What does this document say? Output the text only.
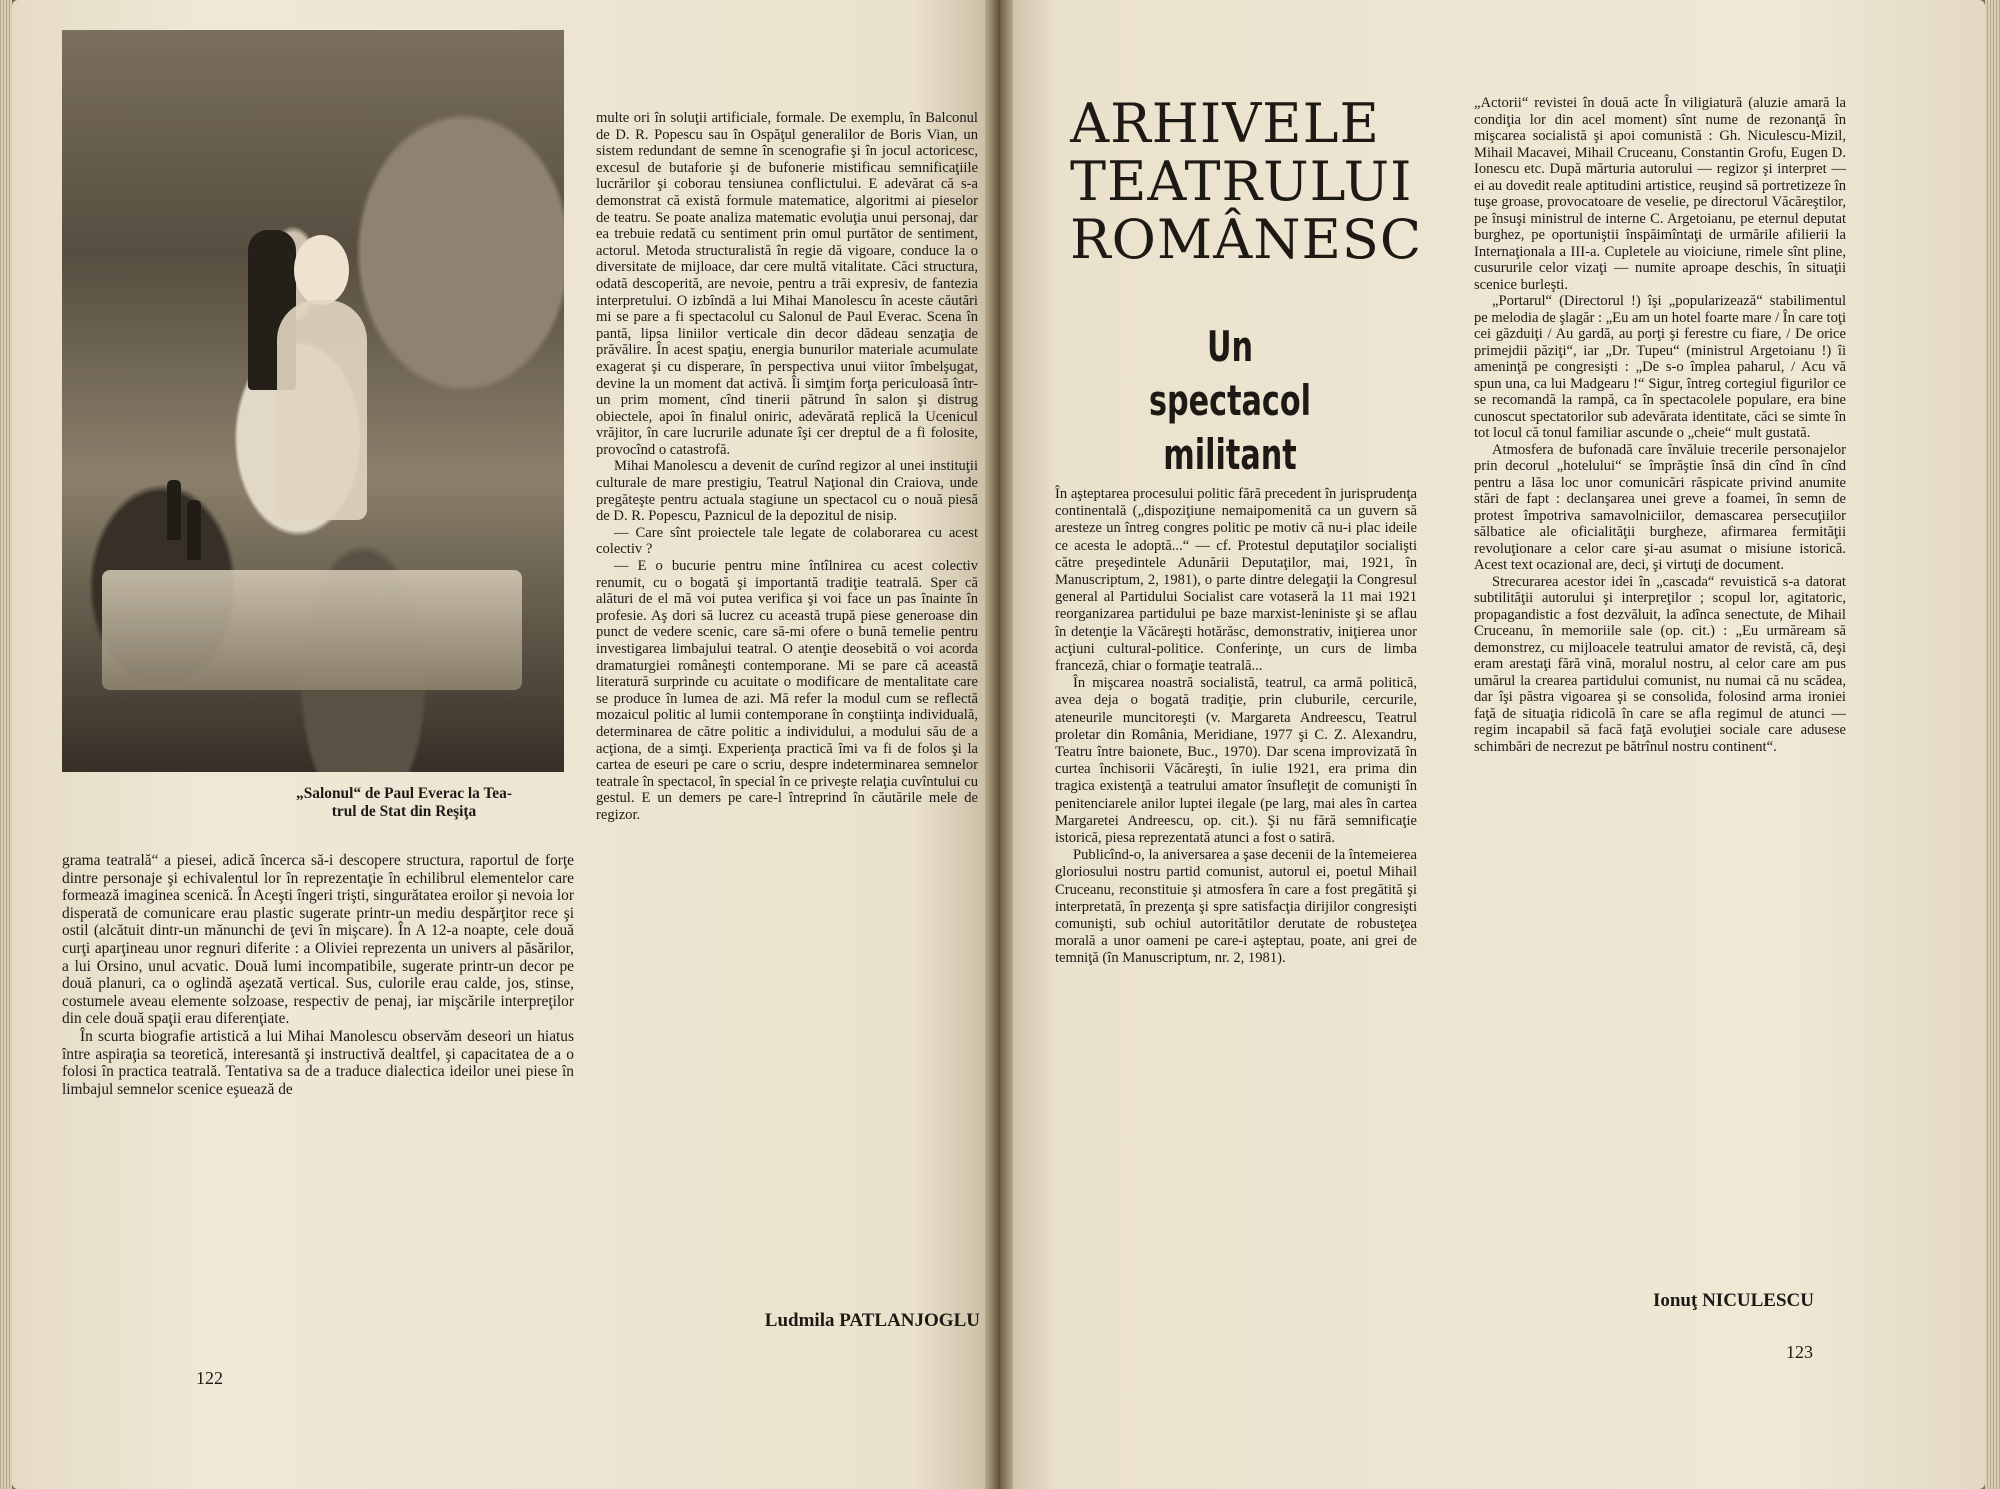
„Salonul“ de Paul Everac la Tea-
trul de Stat din Reşiţa

grama teatrală“ a piesei, adică încerca să-i descopere structura, raportul de forţe dintre personaje şi echivalentul lor în reprezentaţie în echilibrul elementelor care formează imaginea scenică. În Aceşti îngeri trişti, singurătatea eroilor şi nevoia lor disperată de comunicare erau plastic sugerate printr-un mediu despărţitor rece şi ostil (alcătuit dintr-un mănunchi de ţevi în mişcare). În A 12-a noapte, cele două curţi aparţineau unor regnuri diferite : a Oliviei reprezenta un univers al păsărilor, a lui Orsino, unul acvatic. Două lumi incompatibile, sugerate printr-un decor pe două planuri, ca o oglindă aşezată vertical. Sus, culorile erau calde, jos, stinse, costumele aveau elemente solzoase, respectiv de penaj, iar mişcările interpreţilor din cele două spaţii erau diferenţiate.

În scurta biografie artistică a lui Mihai Manolescu observăm deseori un hiatus între aspiraţia sa teoretică, interesantă şi instructivă dealtfel, şi capacitatea de a o folosi în practica teatrală. Tentativa sa de a traduce dialectica ideilor unei piese în limbajul semnelor scenice eşuează de

multe ori în soluţii artificiale, formale. De exemplu, în Balconul de D. R. Popescu sau în Ospăţul generalilor de Boris Vian, un sistem redundant de semne în scenografie şi în jocul actoricesc, excesul de butaforie şi de bufonerie mistificau semnificaţiile lucrărilor şi coborau tensiunea conflictului. E adevărat că s-a demonstrat că există formule matematice, algoritmi ai pieselor de teatru. Se poate analiza matematic evoluţia unui personaj, dar ea trebuie redată cu sentiment prin omul purtător de sentiment, actorul. Metoda structuralistă în regie dă vigoare, conduce la o diversitate de mijloace, dar cere multă vitalitate. Căci structura, odată descoperită, are nevoie, pentru a trăi expresiv, de fantezia interpretului. O izbîndă a lui Mihai Manolescu în aceste căutări mi se pare a fi spectacolul cu Salonul de Paul Everac. Scena în pantă, lipsa liniilor verticale din decor dădeau senzaţia de prăvălire. În acest spaţiu, energia bunurilor materiale acumulate exagerat şi cu disperare, în perspectiva unui viitor îmbelşugat, devine la un moment dat activă. Îi simţim forţa periculoasă într-un prim moment, cînd tinerii pătrund în salon şi distrug obiectele, apoi în finalul oniric, adevărată replică la Ucenicul vrăjitor, în care lucrurile adunate îşi cer dreptul de a fi folosite, provocînd o catastrofă.

Mihai Manolescu a devenit de curînd regizor al unei instituţii culturale de mare prestigiu, Teatrul Naţional din Craiova, unde pregăteşte pentru actuala stagiune un spectacol cu o nouă piesă de D. R. Popescu, Paznicul de la depozitul de nisip.

— Care sînt proiectele tale legate de colaborarea cu acest colectiv ?

— E o bucurie pentru mine întîlnirea cu acest colectiv renumit, cu o bogată şi importantă tradiţie teatrală. Sper că alături de el mă voi putea verifica şi voi face un pas înainte în profesie. Aş dori să lucrez cu această trupă piese generoase din punct de vedere scenic, care să-mi ofere o bună temelie pentru investigarea limbajului teatral. O atenţie deosebită o voi acorda dramaturgiei româneşti contemporane. Mi se pare că această literatură surprinde cu acuitate o modificare de mentalitate care se produce în lumea de azi. Mă refer la modul cum se reflectă mozaicul politic al lumii contemporane în conştiinţa individuală, determinarea de către politic a individului, a modului său de a acţiona, de a simţi. Experienţa practică îmi va fi de folos şi la cartea de eseuri pe care o scriu, despre indeterminarea semnelor teatrale în spectacol, în special în ce priveşte relaţia cuvîntului cu gestul. E un demers pe care-l întreprind în căutările mele de regizor.

Ludmila PATLANJOGLU
122
ARHIVELE
TEATRULUI
ROMÂNESC
Un spectacol
militant

În aşteptarea procesului politic fără precedent în jurisprudenţa continentală („dispoziţiune nemaipomenită ca un guvern să aresteze un întreg congres politic pe motiv că nu-i plac ideile ce acesta le adoptă...“ — cf. Protestul deputaţilor socialişti către preşedintele Adunării Deputaţilor, mai, 1921, în Manuscriptum, 2, 1981), o parte dintre delegaţii la Congresul general al Partidului Socialist care votaseră la 11 mai 1921 reorganizarea partidului pe baze marxist-leniniste şi se aflau în detenţie la Văcăreşti hotărăsc, demonstrativ, iniţierea unor acţiuni cultural-politice. Conferinţe, un curs de limba franceză, chiar o formaţie teatrală...

În mişcarea noastră socialistă, teatrul, ca armă politică, avea deja o bogată tradiţie, prin cluburile, cercurile, ateneurile muncitoreşti (v. Margareta Andreescu, Teatrul proletar din România, Meridiane, 1977 şi C. Z. Alexandru, Teatru între baionete, Buc., 1970). Dar scena improvizată în curtea închisorii Văcăreşti, în iulie 1921, era prima din tragica existenţă a teatrului amator însufleţit de comunişti în penitenciarele anilor luptei ilegale (pe larg, mai ales în cartea Margaretei Andreescu, op. cit.). Şi nu fără semnificaţie istorică, piesa reprezentată atunci a fost o satiră.

Publicînd-o, la aniversarea a şase decenii de la întemeierea gloriosului nostru partid comunist, autorul ei, poetul Mihail Cruceanu, reconstituie şi atmosfera în care a fost pregătită şi interpretată, în prezenţa şi spre satisfacţia dirijilor congresişti comunişti, sub ochiul autoritătilor derutate de robusteţea morală a unor oameni pe care-i aşteptau, poate, ani grei de temniţă (în Manuscriptum, nr. 2, 1981).

„Actorii“ revistei în două acte În viligiatură (aluzie amară la condiţia lor din acel moment) sînt nume de rezonanţă în mişcarea socialistă şi apoi comunistă : Gh. Niculescu-Mizil, Mihail Macavei, Mihail Cruceanu, Constantin Grofu, Eugen D. Ionescu etc. După mărturia autorului — regizor şi interpret — ei au dovedit reale aptitudini artistice, reuşind să portretizeze în tuşe groase, provocatoare de veselie, pe directorul Văcăreştilor, pe însuşi ministrul de interne C. Argetoianu, pe eternul deputat burghez, pe oportuniştii înspăimîntaţi de urmările afilierii la Internaţionala a III-a. Cupletele au vioiciune, rimele sînt pline, cusururile celor vizaţi — numite aproape deschis, în situaţii scenice burleşti.

„Portarul“ (Directorul !) îşi „popularizează“ stabilimentul pe melodia de şlagăr : „Eu am un hotel foarte mare / În care toţi cei găzduiţi / Au gardă, au porţi şi ferestre cu fiare, / De orice primejdii păziţi“, iar „Dr. Tupeu“ (ministrul Argetoianu !) îi ameninţă pe congresişti : „De s-o împlea paharul, / Acu vă spun una, ca lui Madgearu !“ Sigur, întreg cortegiul figurilor ce se recomandă la rampă, ca în spectacolele populare, era bine cunoscut spectatorilor sub adevărata identitate, căci se simte în tot locul că tonul familiar ascunde o „cheie“ mult gustată.

Atmosfera de bufonadă care învăluie trecerile personajelor prin decorul „hotelului“ se împrăştie însă din cînd în cînd pentru a lăsa loc unor comunicări răspicate privind anumite stări de fapt : declanşarea unei greve a foamei, în semn de protest împotriva samavolniciilor, demascarea persecuţiilor sălbatice ale oficialităţii burgheze, afirmarea fermităţii revoluţionare a celor care şi-au asumat o misiune istorică. Acest text ocazional are, deci, şi virtuţi de document.

Strecurarea acestor idei în „cascada“ revuistică s-a datorat subtilităţii autorului şi interpreţilor ; scopul lor, agitatoric, propagandistic a fost dezvăluit, la adînca senectute, de Mihail Cruceanu, în memoriile sale (op. cit.) : „Eu urmăream să demonstrez, cu mijloacele teatrului amator de revistă, că, deşi eram arestaţi fără vină, moralul nostru, al celor care am pus umărul la crearea partidului comunist, nu numai că nu scădea, dar îşi păstra vigoarea şi se consolida, folosind arma ironiei faţă de situaţia ridicolă în care se afla regimul de atunci — regim incapabil să facă faţă evoluţiei sociale care adusese schimbări de necrezut pe bătrînul nostru continent“.

Ionuţ NICULESCU
123
